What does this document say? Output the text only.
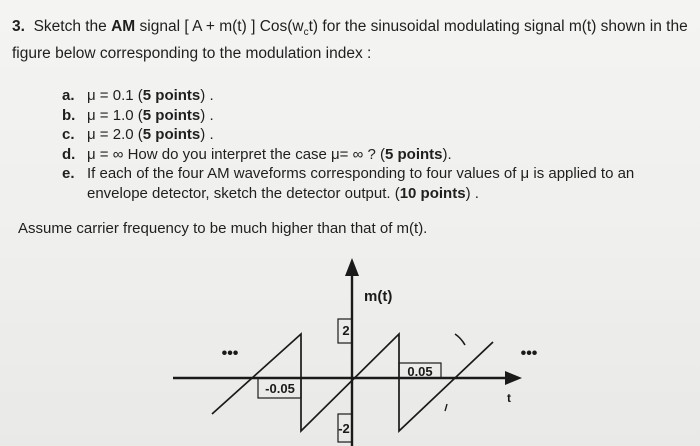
3. Sketch the AM signal [ A + m(t) ] $Cos(w_ct)$ for the sinusoidal modulating signal m(t) shown in the
figure below corresponding to the modulation index :
a. μ = 0.1 (5 points) .
b. μ = 1.0 (5 points) .
c. μ = 2.0 (5 points) .
d. μ = ∞ How do you interpret the case μ= ∞ ? (5 points).
e. If each of the four AM waveforms corresponding to four values of μ is applied to an envelope detector, sketch the detector output. (10 points) .
Assume carrier frequency to be much higher than that of m(t).
m(t)
2
-2
0.05
-0.05
t
•••	•••
